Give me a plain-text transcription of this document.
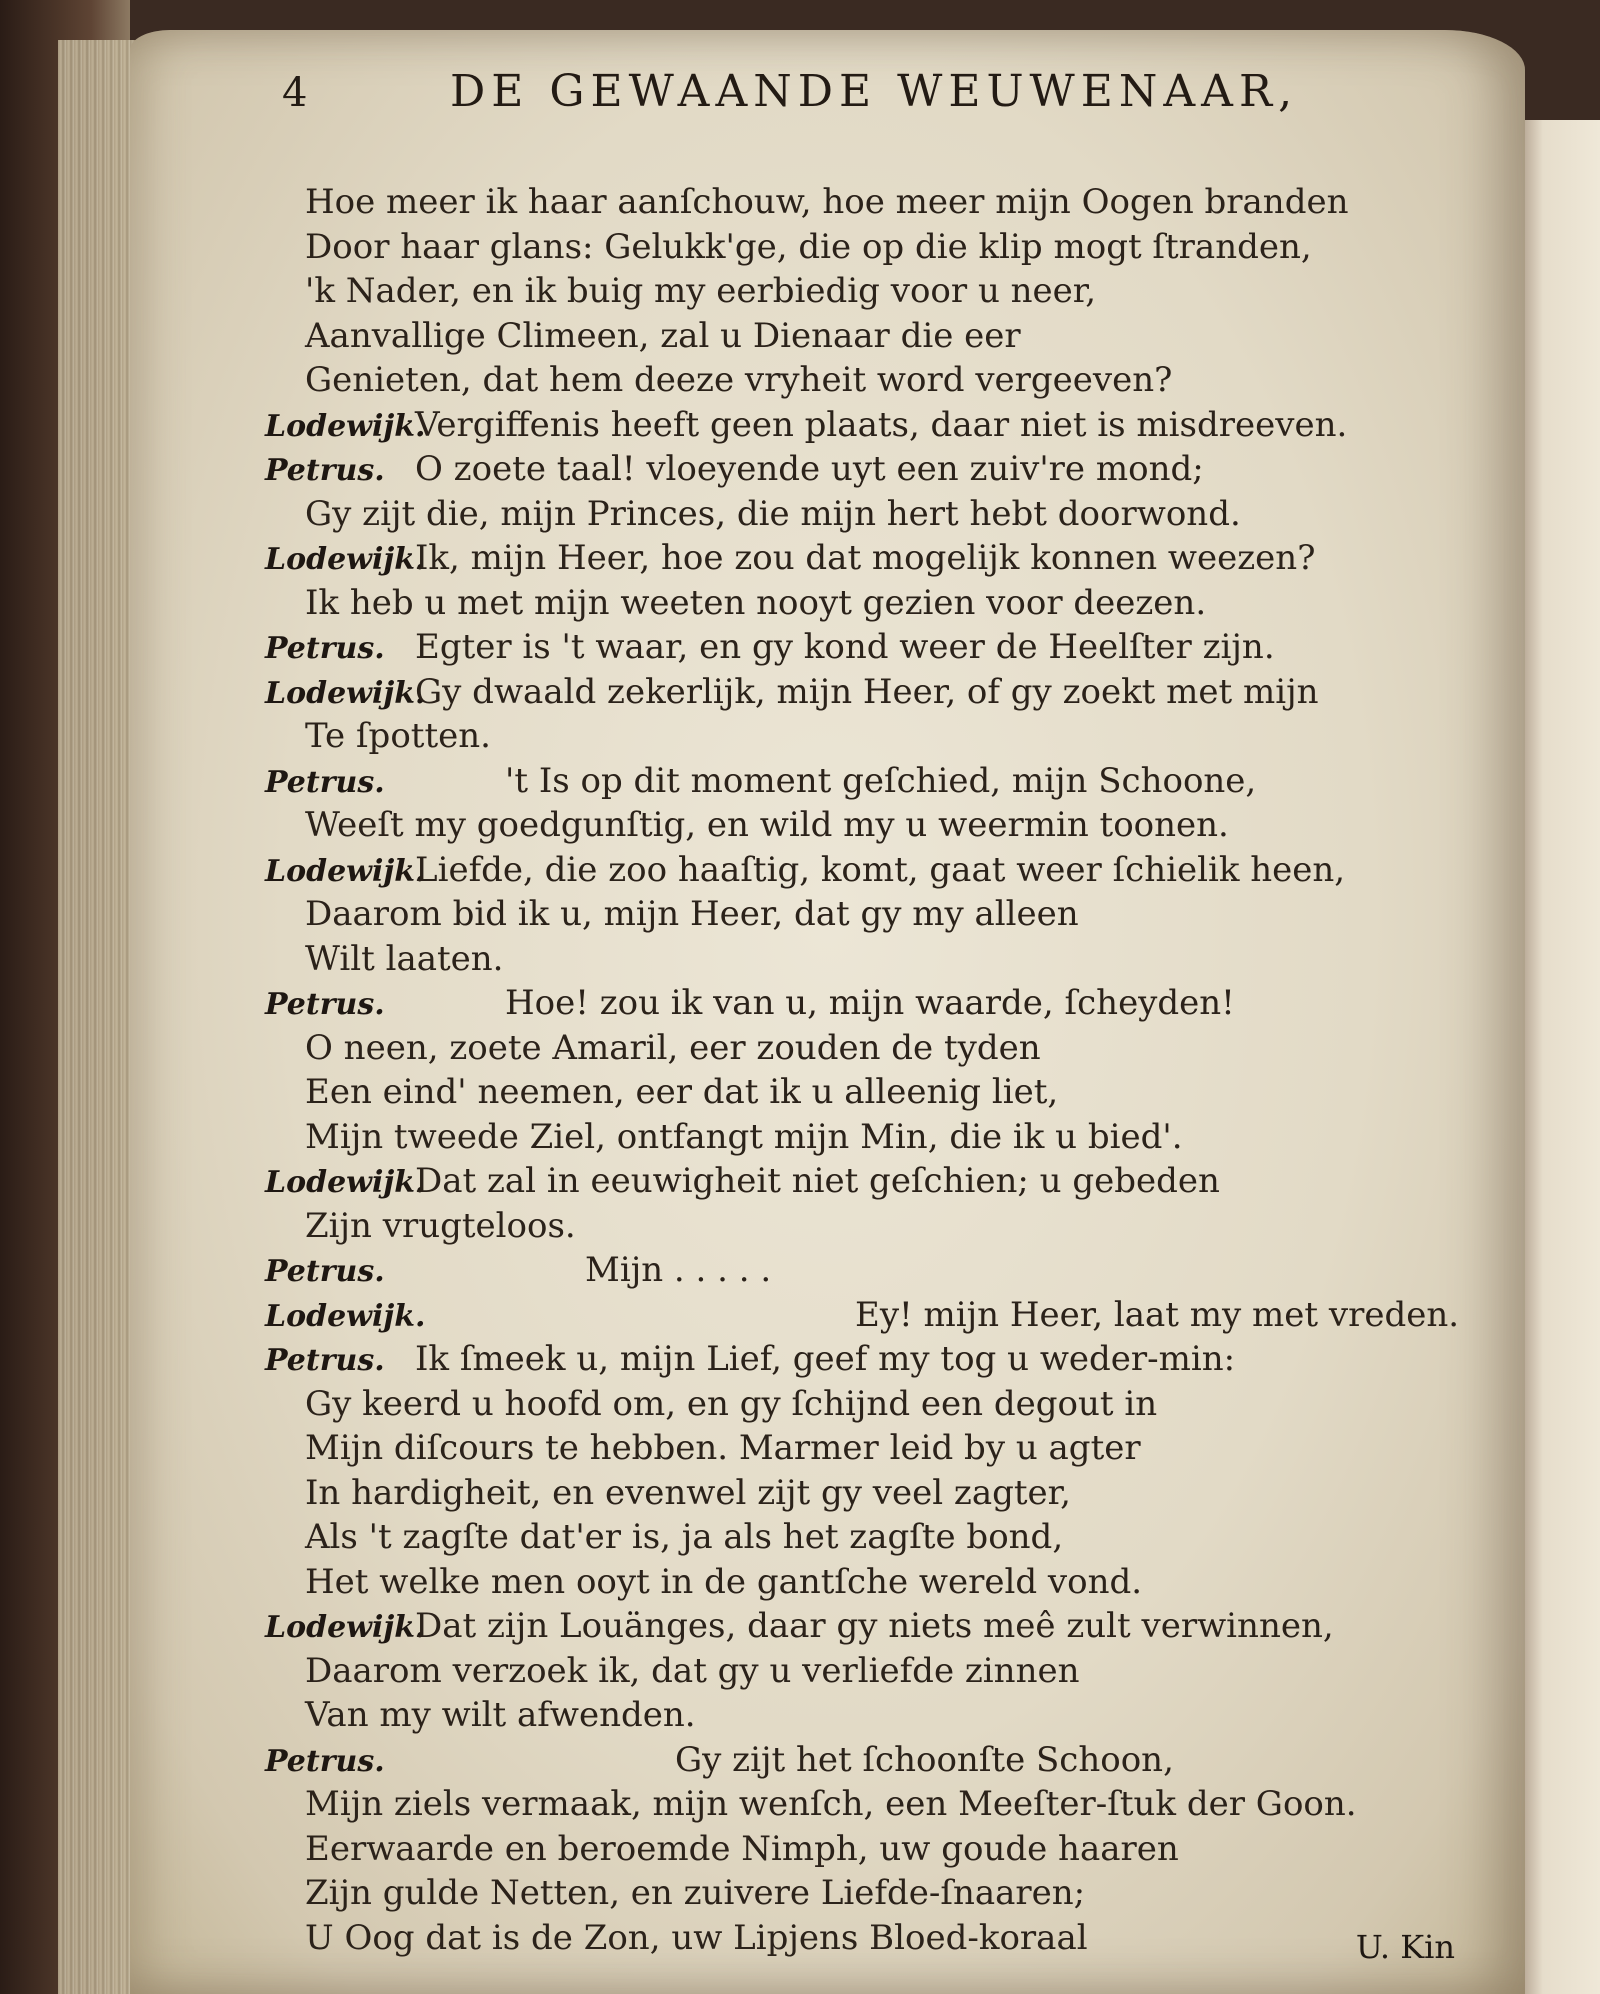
4	DE GEWAANDE WEUWENAAR,
Hoe meer ik haar aanſchouw, hoe meer mijn Oogen branden
Door haar glans: Gelukk'ge, die op die klip mogt ſtranden,
'k Nader, en ik buig my eerbiedig voor u neer,
Aanvallige Climeen, zal u Dienaar die eer
Genieten, dat hem deeze vryheit word vergeeven?
Lodewijk.Vergiffenis heeft geen plaats, daar niet is misdreeven.
Petrus. O zoete taal! vloeyende uyt een zuiv're mond;
Gy zijt die, mijn Princes, die mijn hert hebt doorwond.
Lodewijk.Ik, mijn Heer, hoe zou dat mogelijk konnen weezen?
Ik heb u met mijn weeten nooyt gezien voor deezen.
Petrus. Egter is 't waar, en gy kond weer de Heelſter zijn.
Lodewijk.Gy dwaald zekerlijk, mijn Heer, of gy zoekt met mijn
Te ſpotten.
Petrus.	't Is op dit moment geſchied, mijn Schoone,
Weeſt my goedgunſtig, en wild my u weermin toonen.
Lodewijk.Liefde, die zoo haaſtig, komt, gaat weer ſchielik heen,
Daarom bid ik u, mijn Heer, dat gy my alleen
Wilt laaten.
Petrus.	Hoe! zou ik van u, mijn waarde, ſcheyden!
O neen, zoete Amaril, eer zouden de tyden
Een eind' neemen, eer dat ik u alleenig liet,
Mijn tweede Ziel, ontfangt mijn Min, die ik u bied'.
Lodewijk.Dat zal in eeuwigheit niet geſchien; u gebeden
Zijn vrugteloos.
Petrus.	Mijn . . . . .
Lodewijk.	Ey! mijn Heer, laat my met vreden.
Petrus. Ik ſmeek u, mijn Lief, geef my tog u weder-min:
Gy keerd u hoofd om, en gy ſchijnd een degout in
Mijn diſcours te hebben. Marmer leid by u agter
In hardigheit, en evenwel zijt gy veel zagter,
Als 't zagſte dat'er is, ja als het zagſte bond,
Het welke men ooyt in de gantſche wereld vond.
Lodewijk.Dat zijn Louänges, daar gy niets meê zult verwinnen,
Daarom verzoek ik, dat gy u verliefde zinnen
Van my wilt afwenden.
Petrus.	Gy zijt het ſchoonſte Schoon,
Mijn ziels vermaak, mijn wenſch, een Meeſter-ſtuk der Goon.
Eerwaarde en beroemde Nimph, uw goude haaren
Zijn gulde Netten, en zuivere Liefde-ſnaaren;
U Oog dat is de Zon, uw Lipjens Bloed-koraal	U. Kin
